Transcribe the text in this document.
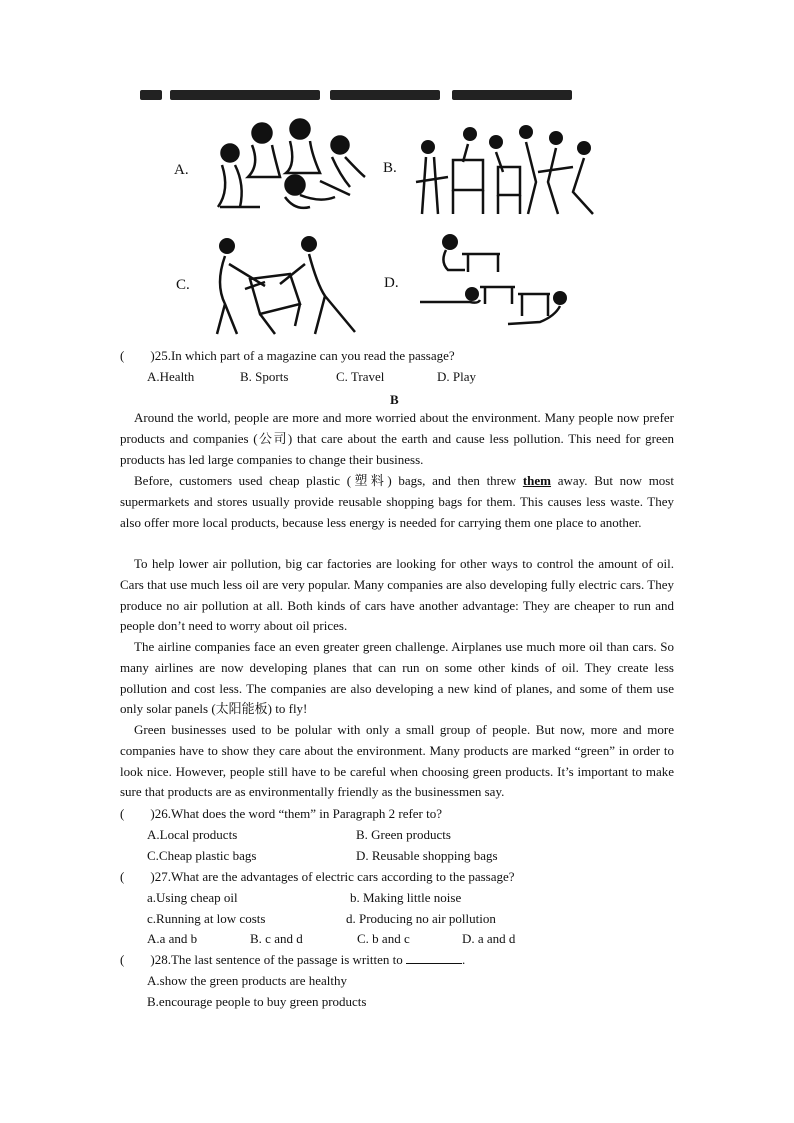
A.	B.
C.	D.
( )25.In which part of a magazine can you read the passage?
A.Health	B. Sports	C. Travel	D. Play
B

Around the world, people are more and more worried about the environment. Many people now prefer products and companies (公司) that care about the earth and cause less pollution. This need for green products has led large companies to change their business.

Before, customers used cheap plastic (塑料) bags, and then threw them away. But now most supermarkets and stores usually provide reusable shopping bags for them. This causes less waste. They also offer more local products, because less energy is needed for carrying them one place to another.

To help lower air pollution, big car factories are looking for other ways to control the amount of oil. Cars that use much less oil are very popular. Many companies are also developing fully electric cars. They produce no air pollution at all. Both kinds of cars have another advantage: They are cheaper to run and people don’t need to worry about oil prices.

The airline companies face an even greater green challenge. Airplanes use much more oil than cars. So many airlines are now developing planes that can run on some other kinds of oil. They create less pollution and cost less. The companies are also developing a new kind of planes, and some of them use only solar panels (太阳能板) to fly!

Green businesses used to be polular with only a small group of people. But now, more and more companies have to show they care about the environment. Many products are marked “green” in order to look nice. However, people still have to be careful when choosing green products. It’s important to make sure that products are as environmentally friendly as the businessmen say.

( )26.What does the word “them” in Paragraph 2 refer to?
A.Local products	B. Green products
C.Cheap plastic bags	D. Reusable shopping bags
( )27.What are the advantages of electric cars according to the passage?
a.Using cheap oil	b. Making little noise
c.Running at low costs	d. Producing no air pollution
A.a and b	B. c and d	C. b and c	D. a and d
( )28.The last sentence of the passage is written to	.
A.show the green products are healthy
B.encourage people to buy green products
